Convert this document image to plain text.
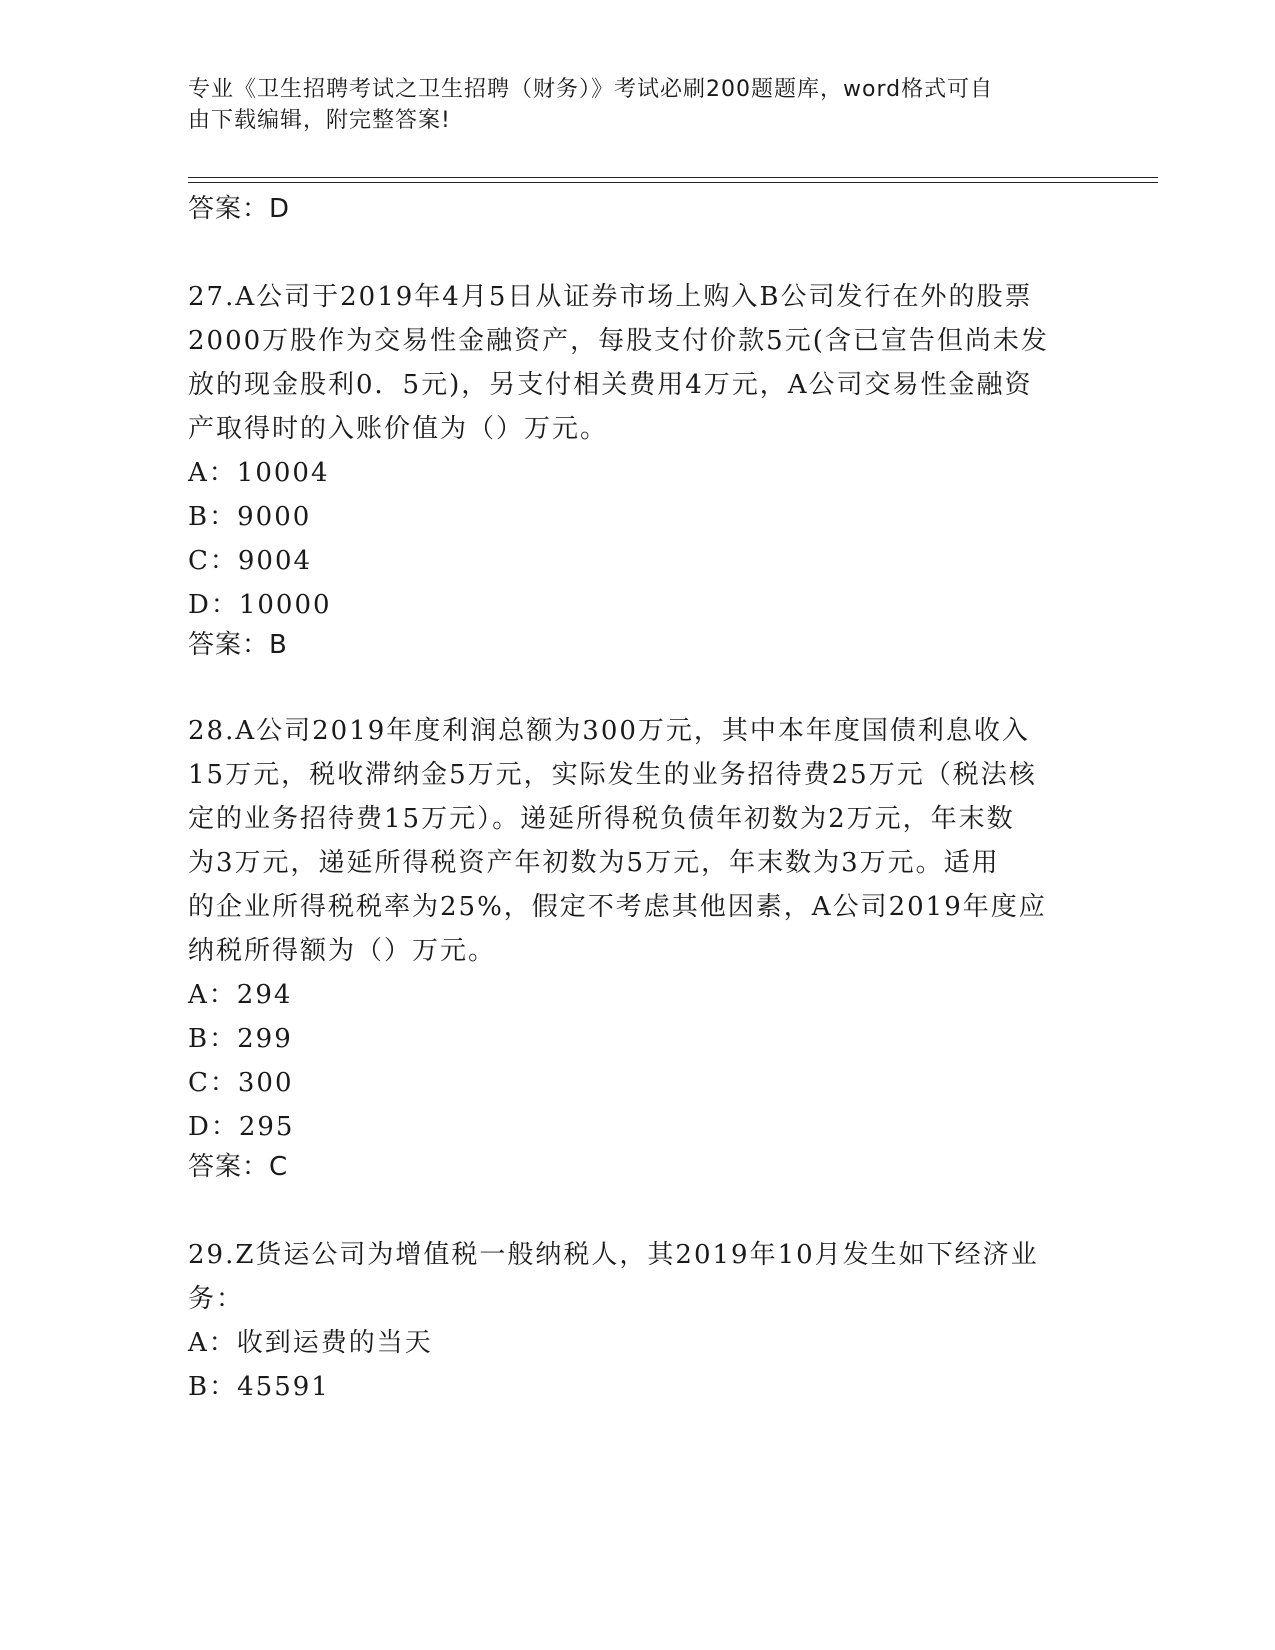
专业《卫生招聘考试之卫生招聘（财务）》考试必刷200题题库，word格式可自
由下载编辑，附完整答案!
答案：D
27.A公司于2019年4月5日从证券市场上购入B公司发行在外的股票
2000万股作为交易性金融资产，每股支付价款5元(含已宣告但尚未发
放的现金股利0．5元)，另支付相关费用4万元，A公司交易性金融资
产取得时的入账价值为（）万元。
A：10004
B：9000
C：9004
D：10000
答案：B
28.A公司2019年度利润总额为300万元，其中本年度国债利息收入
15万元，税收滞纳金5万元，实际发生的业务招待费25万元（税法核
定的业务招待费15万元）。递延所得税负债年初数为2万元，年末数
为3万元，递延所得税资产年初数为5万元，年末数为3万元。适用
的企业所得税税率为25%，假定不考虑其他因素，A公司2019年度应
纳税所得额为（）万元。
A：294
B：299
C：300
D：295
答案：C
29.Z货运公司为增值税一般纳税人，其2019年10月发生如下经济业
务：
A：收到运费的当天
B：45591
